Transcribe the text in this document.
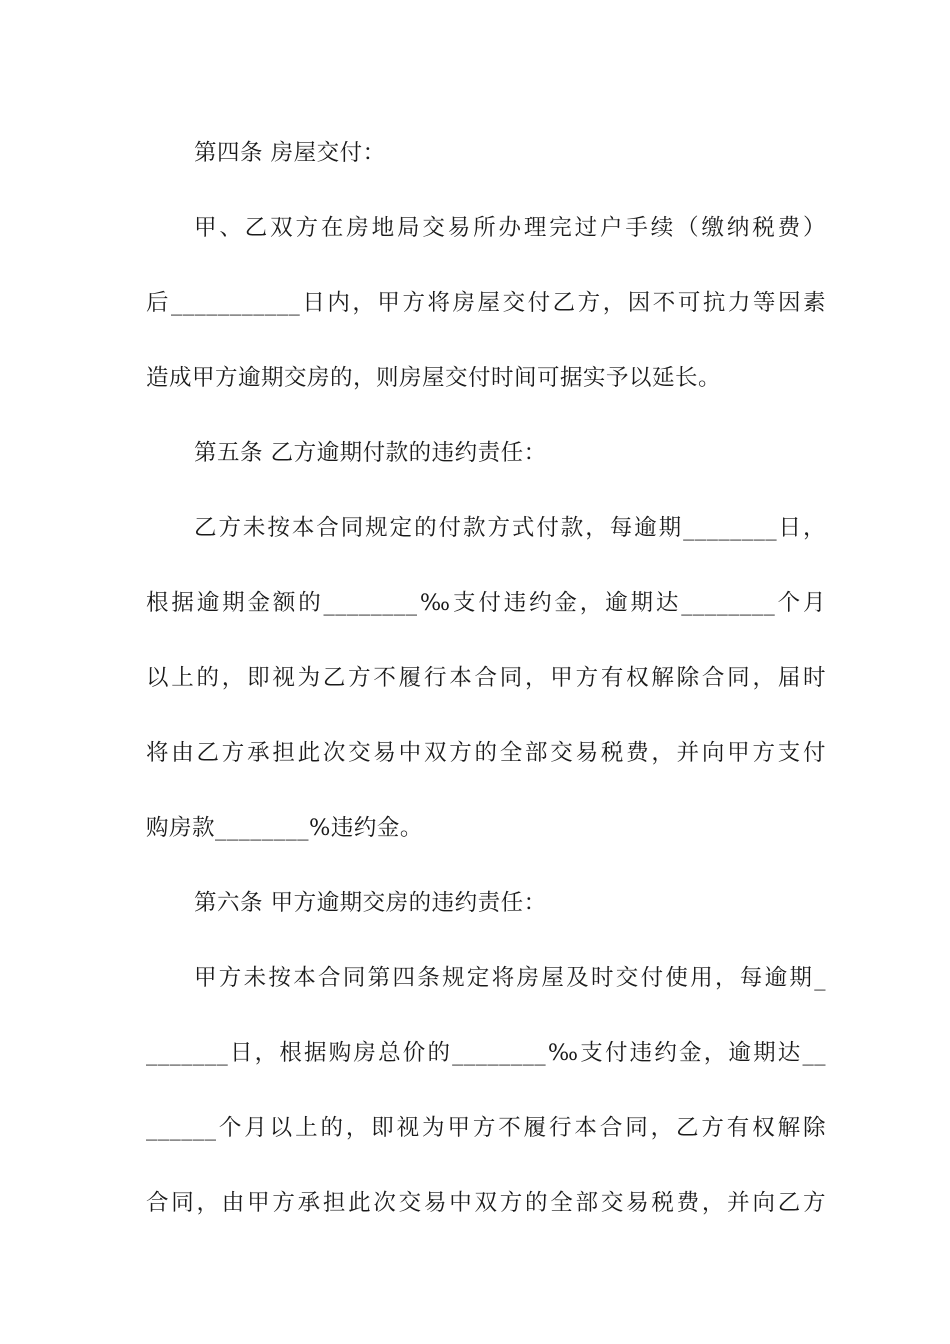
第四条 房屋交付：
甲、乙双方在房地局交易所办理完过户手续（缴纳税费）
后___________日内，甲方将房屋交付乙方，因不可抗力等因素
造成甲方逾期交房的，则房屋交付时间可据实予以延长。
第五条 乙方逾期付款的违约责任：
乙方未按本合同规定的付款方式付款，每逾期________日，
根据逾期金额的________‰支付违约金，逾期达________个月
以上的，即视为乙方不履行本合同，甲方有权解除合同，届时
将由乙方承担此次交易中双方的全部交易税费，并向甲方支付
购房款________%违约金。
第六条 甲方逾期交房的违约责任：
甲方未按本合同第四条规定将房屋及时交付使用，每逾期_
_______日，根据购房总价的________‰支付违约金，逾期达__
______个月以上的，即视为甲方不履行本合同，乙方有权解除
合同，由甲方承担此次交易中双方的全部交易税费，并向乙方
